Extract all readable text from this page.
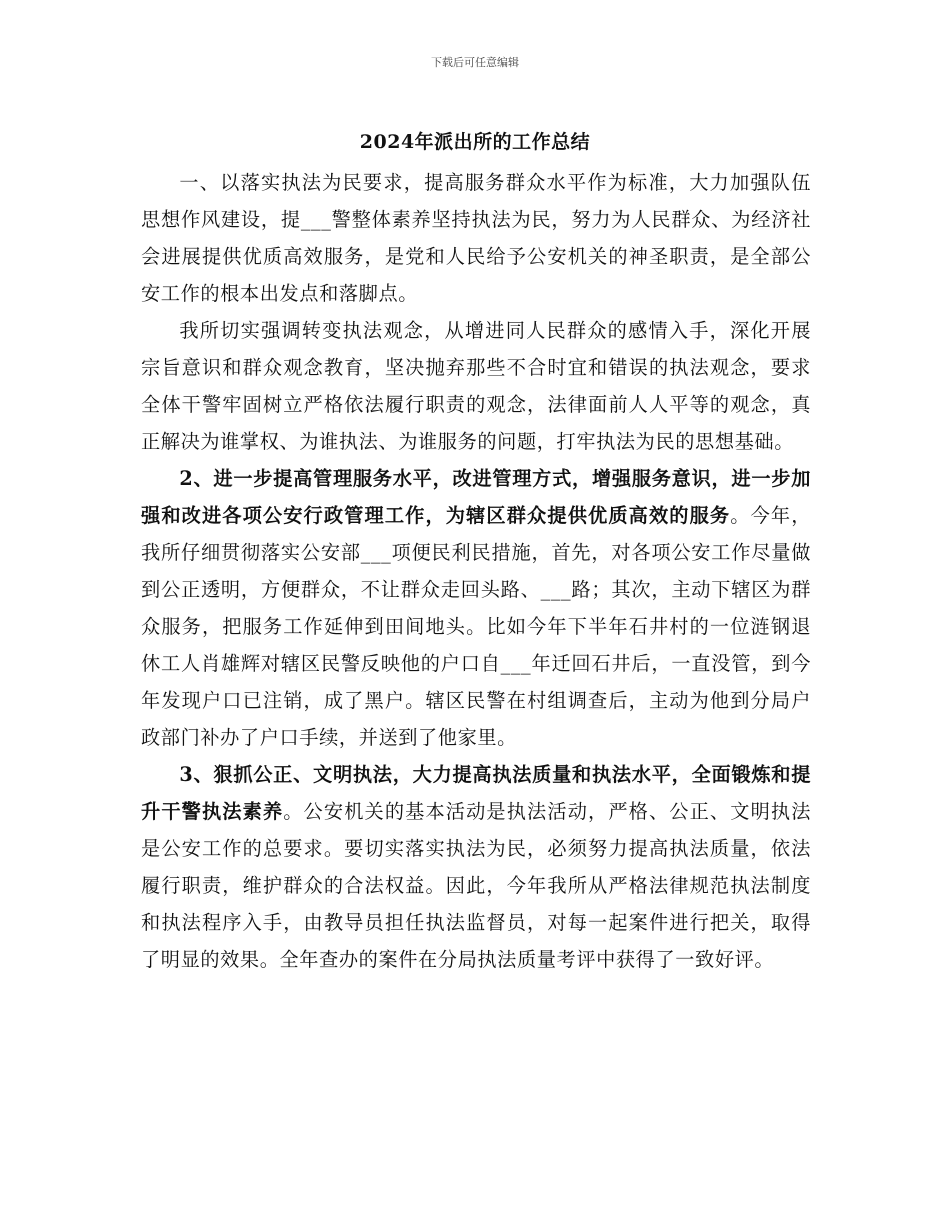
下载后可任意编辑
2024年派出所的工作总结

一、以落实执法为民要求，提高服务群众水平作为标准，大力加强队伍思想作风建设，提___警整体素养坚持执法为民，努力为人民群众、为经济社会进展提供优质高效服务，是党和人民给予公安机关的神圣职责，是全部公安工作的根本出发点和落脚点。

我所切实强调转变执法观念，从增进同人民群众的感情入手，深化开展宗旨意识和群众观念教育，坚决抛弃那些不合时宜和错误的执法观念，要求全体干警牢固树立严格依法履行职责的观念，法律面前人人平等的观念，真正解决为谁掌权、为谁执法、为谁服务的问题，打牢执法为民的思想基础。

2、进一步提高管理服务水平，改进管理方式，增强服务意识，进一步加强和改进各项公安行政管理工作，为辖区群众提供优质高效的服务。今年，我所仔细贯彻落实公安部___项便民利民措施，首先，对各项公安工作尽量做到公正透明，方便群众，不让群众走回头路、___路；其次，主动下辖区为群众服务，把服务工作延伸到田间地头。比如今年下半年石井村的一位涟钢退休工人肖雄辉对辖区民警反映他的户口自___年迁回石井后，一直没管，到今年发现户口已注销，成了黑户。辖区民警在村组调查后，主动为他到分局户政部门补办了户口手续，并送到了他家里。

3、狠抓公正、文明执法，大力提高执法质量和执法水平，全面锻炼和提升干警执法素养。公安机关的基本活动是执法活动，严格、公正、文明执法是公安工作的总要求。要切实落实执法为民，必须努力提高执法质量，依法履行职责，维护群众的合法权益。因此，今年我所从严格法律规范执法制度和执法程序入手，由教导员担任执法监督员，对每一起案件进行把关，取得了明显的效果。全年查办的案件在分局执法质量考评中获得了一致好评。
